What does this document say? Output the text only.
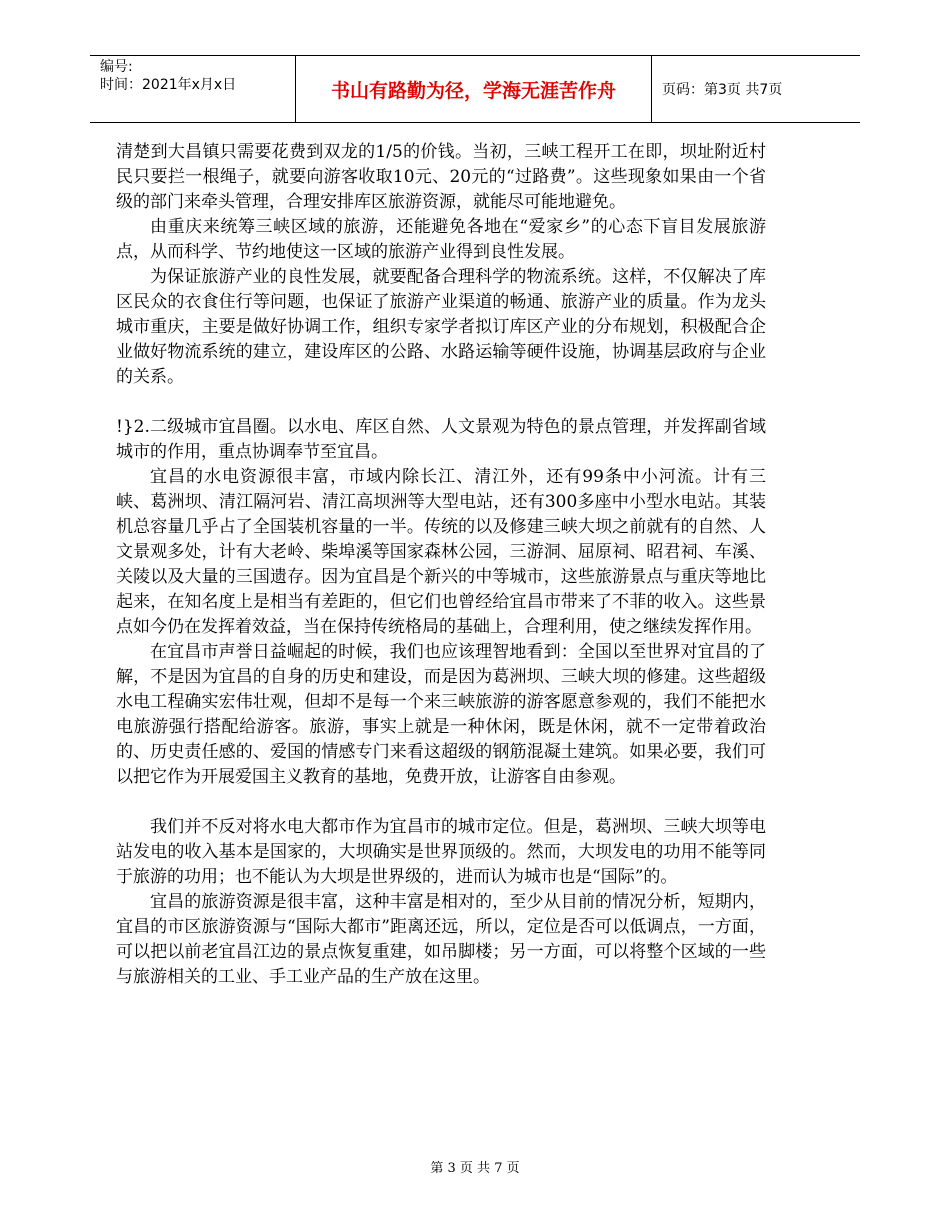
编号:
时间：2021年x月x日	书山有路勤为径，学海无涯苦作舟	页码：第3页 共7页

清楚到大昌镇只需要花费到双龙的1/5的价钱。当初，三峡工程开工在即，坝址附近村民只要拦一根绳子，就要向游客收取10元、20元的“过路费”。这些现象如果由一个省级的部门来牵头管理，合理安排库区旅游资源，就能尽可能地避免。

由重庆来统筹三峡区域的旅游，还能避免各地在“爱家乡”的心态下盲目发展旅游点，从而科学、节约地使这一区域的旅游产业得到良性发展。

为保证旅游产业的良性发展，就要配备合理科学的物流系统。这样，不仅解决了库区民众的衣食住行等问题，也保证了旅游产业渠道的畅通、旅游产业的质量。作为龙头城市重庆，主要是做好协调工作，组织专家学者拟订库区产业的分布规划，积极配合企业做好物流系统的建立，建设库区的公路、水路运输等硬件设施，协调基层政府与企业的关系。

!}2.二级城市宜昌圈。以水电、库区自然、人文景观为特色的景点管理，并发挥副省域城市的作用，重点协调奉节至宜昌。

宜昌的水电资源很丰富，市域内除长江、清江外，还有99条中小河流。计有三峡、葛洲坝、清江隔河岩、清江高坝洲等大型电站，还有300多座中小型水电站。其装机总容量几乎占了全国装机容量的一半。传统的以及修建三峡大坝之前就有的自然、人文景观多处，计有大老岭、柴埠溪等国家森林公园，三游洞、屈原祠、昭君祠、车溪、关陵以及大量的三国遗存。因为宜昌是个新兴的中等城市，这些旅游景点与重庆等地比起来，在知名度上是相当有差距的，但它们也曾经给宜昌市带来了不菲的收入。这些景点如今仍在发挥着效益，当在保持传统格局的基础上，合理利用，使之继续发挥作用。

在宜昌市声誉日益崛起的时候，我们也应该理智地看到：全国以至世界对宜昌的了解，不是因为宜昌的自身的历史和建设，而是因为葛洲坝、三峡大坝的修建。这些超级水电工程确实宏伟壮观，但却不是每一个来三峡旅游的游客愿意参观的，我们不能把水电旅游强行搭配给游客。旅游，事实上就是一种休闲，既是休闲，就不一定带着政治的、历史责任感的、爱国的情感专门来看这超级的钢筋混凝土建筑。如果必要，我们可以把它作为开展爱国主义教育的基地，免费开放，让游客自由参观。

我们并不反对将水电大都市作为宜昌市的城市定位。但是，葛洲坝、三峡大坝等电站发电的收入基本是国家的，大坝确实是世界顶级的。然而，大坝发电的功用不能等同于旅游的功用；也不能认为大坝是世界级的，进而认为城市也是“国际”的。

宜昌的旅游资源是很丰富，这种丰富是相对的，至少从目前的情况分析，短期内，宜昌的市区旅游资源与“国际大都市”距离还远，所以，定位是否可以低调点，一方面，可以把以前老宜昌江边的景点恢复重建，如吊脚楼；另一方面，可以将整个区域的一些与旅游相关的工业、手工业产品的生产放在这里。

第 3 页 共 7 页
